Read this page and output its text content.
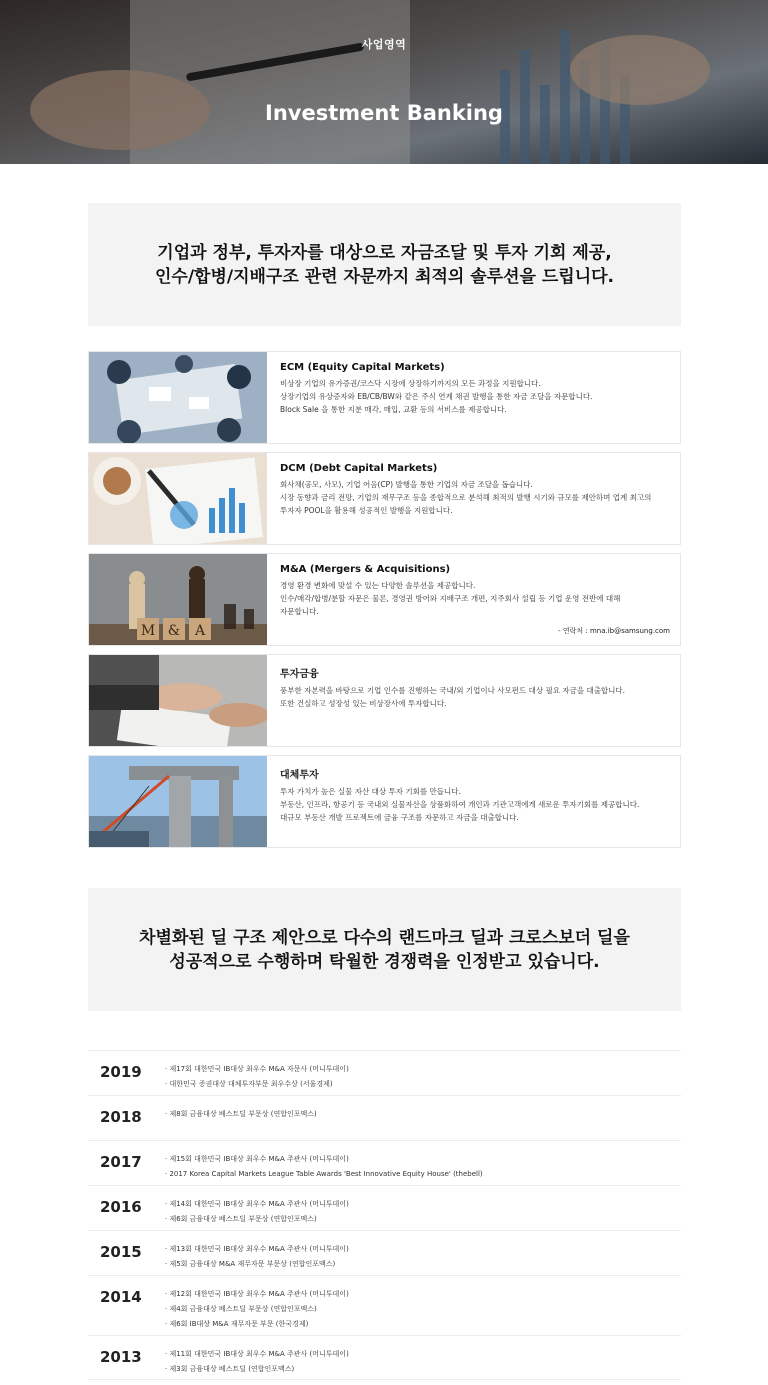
사업영역
Investment Banking

기업과 정부, 투자자를 대상으로 자금조달 및 투자 기회 제공,

인수/합병/지배구조 관련 자문까지 최적의 솔루션을 드립니다.

ECM (Equity Capital Markets)
비상장 기업의 유가증권/코스닥 시장에 상장하기까지의 모든 과정을 지원합니다.
상장기업의 유상증자와 EB/CB/BW와 같은 주식 연계 채권 발행을 통한 자금 조달을 자문합니다.
Block Sale 을 통한 지분 매각, 매입, 교환 등의 서비스를 제공합니다.
DCM (Debt Capital Markets)
회사채(공모, 사모), 기업 어음(CP) 발행을 통한 기업의 자금 조달을 돕습니다.
시장 동향과 금리 전망, 기업의 재무구조 등을 종합적으로 분석해 최적의 발행 시기와 규모를 제안하며 업계 최고의
투자자 POOL을 활용해 성공적인 발행을 지원합니다.
M & A
M&A (Mergers & Acquisitions)
경영 환경 변화에 맞설 수 있는 다양한 솔루션을 제공합니다.
인수/매각/합병/분할 자문은 물론, 경영권 방어와 지배구조 개편, 지주회사 설립 등 기업 운영 전반에 대해
자문합니다.
- 연락처 : mna.ib@samsung.com
투자금융
풍부한 자본력을 바탕으로 기업 인수를 진행하는 국내/외 기업이나 사모펀드 대상 필요 자금을 대출합니다.
또한 건실하고 성장성 있는 비상장사에 투자합니다.
대체투자
투자 가치가 높은 실물 자산 대상 투자 기회를 만듭니다.
부동산, 인프라, 항공기 등 국내외 실물자산을 상품화하여 개인과 기관고객에게 새로운 투자기회를 제공합니다.
대규모 부동산 개발 프로젝트에 금융 구조를 자문하고 자금을 대출합니다.

차별화된 딜 구조 제안으로 다수의 랜드마크 딜과 크로스보더 딜을

성공적으로 수행하며 탁월한 경쟁력을 인정받고 있습니다.

2019	· 제17회 대한민국 IB대상 최우수 M&A 자문사 (머니투데이)
· 대한민국 증권대상 대체투자부문 최우수상 (서울경제)
2018	· 제8회 금융대상 베스트딜 부문상 (연합인포맥스)
2017	· 제15회 대한민국 IB대상 최우수 M&A 주관사 (머니투데이)
· 2017 Korea Capital Markets League Table Awards 'Best Innovative Equity House' (thebell)
2016	· 제14회 대한민국 IB대상 최우수 M&A 주관사 (머니투데이)
· 제6회 금융대상 베스트딜 부문상 (연합인포맥스)
2015	· 제13회 대한민국 IB대상 최우수 M&A 주관사 (머니투데이)
· 제5회 금융대상 M&A 재무자문 부문상 (연합인포맥스)
2014	· 제12회 대한민국 IB대상 최우수 M&A 주관사 (머니투데이)
· 제4회 금융대상 베스트딜 부문상 (연합인포맥스)
· 제6회 IB대상 M&A 재무자문 부문 (한국경제)
2013	· 제11회 대한민국 IB대상 최우수 M&A 주관사 (머니투데이)
· 제3회 금융대상 베스트딜 (연합인포맥스)
